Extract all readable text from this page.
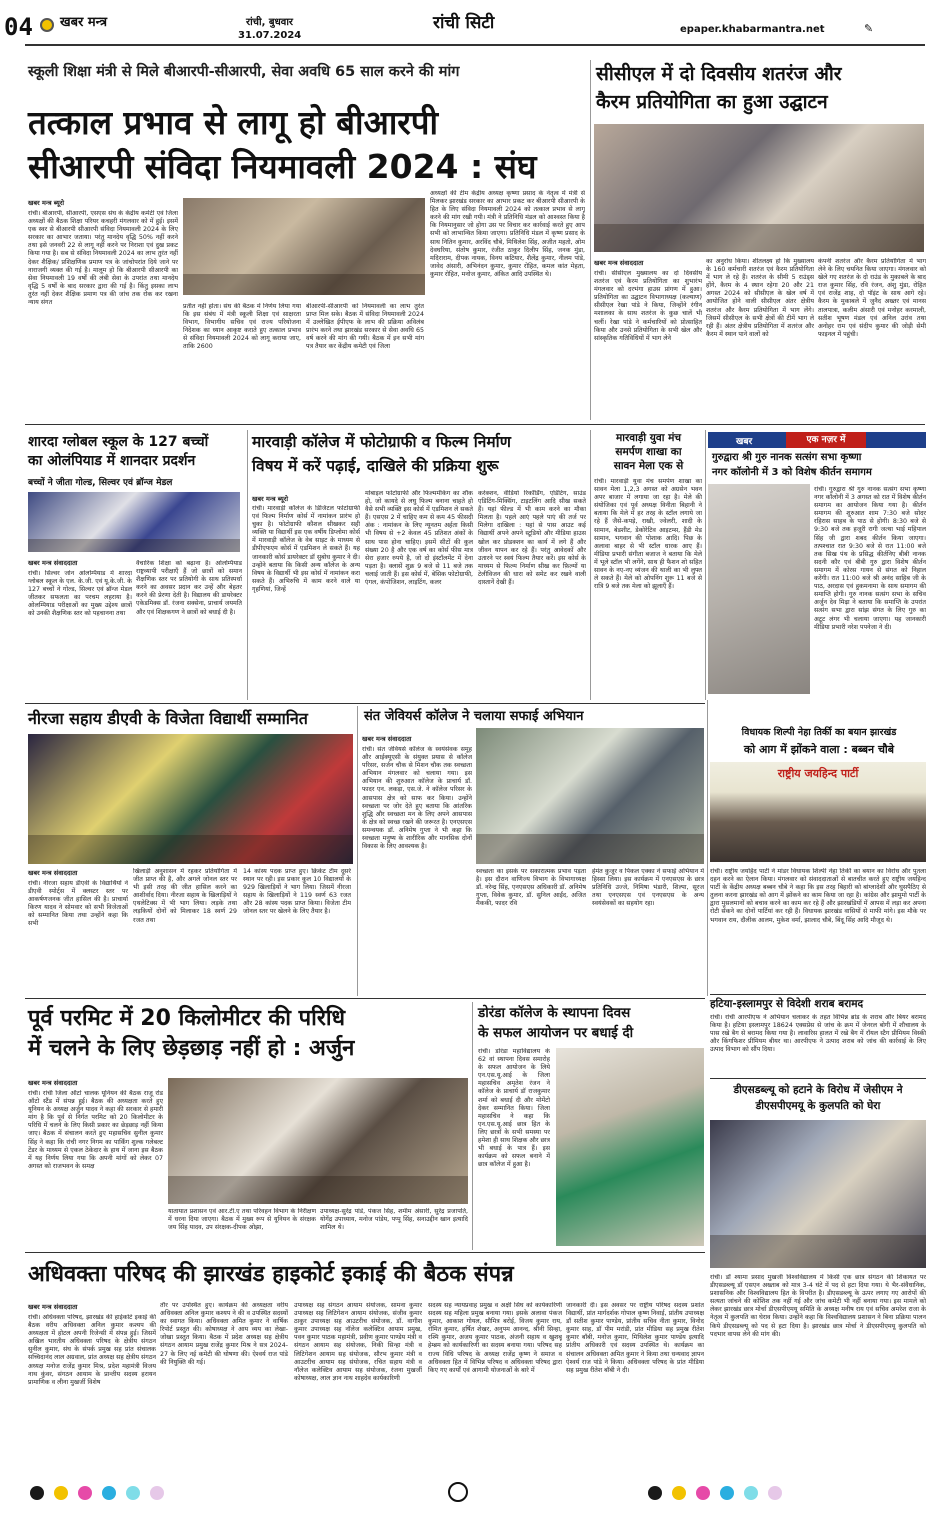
04 खबर मन्त्र	रांची, बुधवार
31.07.2024
रांची सिटी	epaper.khabarmantra.net	✎
स्कूली शिक्षा मंत्री से मिले बीआरपी-सीआरपी, सेवा अवधि 65 साल करने की मांग
तत्काल प्रभाव से लागू हो बीआरपी
सीआरपी संविदा नियमावली 2024 : संघ
खबर मन्त्र ब्यूरो
रांची। बीआरपी, सीआरपी, एसएस संघ के केंद्रीय कमेटी एवं जिला अध्यक्षों की बैठक शिक्षा परियर कचहरी मंगलवार को में हुई। इसमें एक स्वर से बीआरपी सीआरपी संविदा नियमावली 2024 के लिए सरकार का आभार जताया। परंतु मानदेय वृद्धि 50% नहीं करने तथा इसे जनवरी 22 से लागू नहीं करने पर निराशा एवं दुख प्रकट किया गया है। सब से संविदा नियमावली 2024 का लाभ तुरंत नहीं देकर शैक्षिक/ प्रशिक्षणिक प्रमाण पत्र के जांचोपरांत दिये जाने पर नाराजगी व्यक्त की गई है। मालूम हो कि बीआरपी सीआरपी का सेवा नियमावली 19 वर्षों की लंबी सेवा के उपरांत तथा मानदेय वृद्धि 5 वर्षों के बाद सरकार द्वारा की गई है। किंतु इसका लाभ तुरंत नहीं देकर शैक्षिक प्रमाण पत्र की जांच तक रोक कर रखना न्याय संगत
प्रतीत नहीं होता। संघ की बैठक में निर्णय लिया गया कि इस संबंध में मंत्री स्कूली शिक्षा एवं साक्षरता विभाग, विभागीय सचिव एवं राज्य परियोजना निदेशक का ध्यान आकृष्ट कराते हुए तत्काल प्रभाव से संविदा नियमावली 2024 को लागू कराया जाए, ताकि 2600
बीआरपी-सीआरपी को नियमावली का लाभ तुरंत प्राप्त मिल सके। बैठक में संविदा नियमावली 2024 में उल्लेखित ईपीएफ के लाभ की प्रक्रिया अविलंब प्रारंभ करने तथा झारखंड सरकार से सेवा अवधि 65 वर्ष करने की मांग की गयी। बैठक में इन सभी मांग पत्र तैयार कर केंद्रीय कमेटी एवं जिला
अध्यक्षों की टीम केंद्रीय अध्यक्ष कृष्णा प्रसाद के नेतृत्व में मंत्री से मिलकर झारखंड सरकार का आभार प्रकट कर बीआरपी सीआरपी के हित के लिए संविदा नियमावली 2024 को तत्काल प्रभाव से लागू करने की मांग रखी गयी। मंत्री ने प्रतिनिधि मंडल को आश्वस्त किया है कि नियमानुसार जो होगा उस पर विचार कर कार्रवाई करते हुए आप सभी को लाभान्वित किया जाएगा। प्रतिनिधि मंडल में कृष्ण प्रसाद के साथ नितिन कुमार, अरविंद चौबे, मिथिलेश सिंह, अजीत महतो, ओम देवघरिया, संतोष कुमार, रंजीत ठाकुर दिलीप सिंह, जनक मुंडा, मदिराराम, दीपक नायक, विनय कटियार, शैलेंद्र कुमार, नीलम पांडे, जावेद अंसारी, अभिनंदन कुमार, कुमार रोहित, कमल कांत मेहता, कुमार रोहित, मनोज कुमार, अंकित आदि उपस्थित थे।
सीसीएल में दो दिवसीय शतरंज और
कैरम प्रतियोगिता का हुआ उद्घाटन
खबर मन्त्र संवाददाता
रांची। सीसीएल मुख्यालय का दो दिवसीय शतरंज एवं कैरम प्रतियोगिता का शुभारंभ मंगलवार को दरभंगा हाउस प्रांगण में हुआ। प्रतियोगिता का उद्घाटन विभागाध्यक्ष (कल्याण) सीसीएल रेखा पांडे ने किया, जिन्होंने रंगीन मशालका के साथ शतरंज के कुछ चालें भी चलीं। रेखा पांडे ने कर्मचारियों को प्रोत्साहित किया और उनसे प्रतियोगिता के सभी खेल और सांस्कृतिक गतिविधियों में भाग लेने
का अनुरोध किया। शीतलक्ष्य हो कि मुख्यालय के 160 कर्मचारी शतरंज एवं कैरम प्रतियोगिता में भाग ले रहे हैं। शतरंज के सीमी 5 राउंड्स होंगे, कैरम के 4 स्थान रहेगा 20 और 21 अगस्त 2024 को सीसीएल के खेल वर्ष में आयोजित होने वाली सीसीएल अंतर क्षेत्रीय शतरंज और कैरम प्रतियोगिता में भाग लेंगे। जिसमें सीसीएल के सभी क्षेत्रों की टीमें भाग ले रही हैं। अंतर क्षेत्रीय प्रतियोगिता में शतरंज और कैरम में स्थान पाने वालों को
कंपनी शतरंज और कैरम प्रतियोगिता में भाग लेने के लिए चयनित किया जाएगा। मंगलवार को खेले गए शतरंज के दो राउंड के मुकाबले के बाद राज कुमार सिंह, रवि रंजन, अंशु मुंडा, रोहित एवं राजेंद्र शाह, दो पॉइंट के साथ आगे रहे। कैरम के मुकाबले में जुनैद अख्तर एवं मानस तालपात्रा, कलीम अंसारी एवं मनोहर करमाली, सतीश भूषण मंडल एवं अनिल उरांव तथा अनोहर राम एवं संदीप कुमार की जोड़ी सेमी फाइनल में पहुंची।
शारदा ग्लोबल स्कूल के 127 बच्चों
का ओलंपियाड में शानदार प्रदर्शन
बच्चों ने जीता गोल्ड, सिल्वर एवं ब्रॉन्ज मेडल
खबर मन्त्र संवाददाता
रांची। सिल्वर जोन ओलम्पियाड में शारदा ग्लोबल स्कूल के एल. के.जी. एवं यू.के.जी. के 127 बच्चों ने गोल्ड, सिल्वर एवं ब्रॉन्ज मेडल जीतकर सफलता का परचम लहराया है। ओलम्पियाड परीक्षाओं का मुख्य उद्देश्य छात्रों को उनकी शैक्षणिक स्तर को पहचानना तथा
वैचारिक शिक्षा को बढ़ाना है। ओलम्पियाड राष्ट्रव्यापी परीक्षाएँ हैं जो छात्रों को समान शैक्षणिक स्तर पर प्रतियोगी के साथ प्रतिस्पर्धा करने का अवसर प्रदान कर उन्हें और बेहतर करने की प्रेरणा देती है। विद्यालय की डायरेक्टर एकेडमिक्स डॉ. रंजना सक्सेना, प्राचार्य जयमति और एवं शिक्षकगण ने छात्रों को बधाई दी है।
मारवाड़ी कॉलेज में फोटोग्राफी व फिल्म निर्माण
विषय में करें पढ़ाई, दाखिले की प्रक्रिया शुरू
खबर मन्त्र ब्यूरो
रांची। मारवाड़ी कॉलेज के डिजिटल फोटोग्राफी एवं फिल्म निर्माण कोर्स में नामांकन प्रारंभ हो चुका है। फोटोग्राफी कौशल सीखकर सही व्यक्ति या विद्यार्थी इस एक वर्षीय डिप्लोमा कोर्स में मारवाड़ी कॉलेज के वेब साइट के माध्यम से डीपीएफएम कोर्स में एडमिशन ले सकते हैं। यह जानकारी कोर्स डायरेक्टर डॉ सुबोध कुमार ने दी। उन्होंने बताया कि किसी अन्य कॉलेज के अन्य विषय के विद्यार्थी भी इस कोर्स में नामांकन करा सकते हैं। अभिरुचि में काम करने वाले या गृहणियां, जिन्हें
मोबाइल फोटोग्राफी और फिल्ममेकिंग का शौक हो, जो कायदे से लघु फिल्म बनाना चाहते हो वैसे सभी व्यक्ति इस कोर्स में एडमिशन ले सकते हैं। एसएस 2 में चाहिए कम से कम 45 फीसदी अंक : नामांकन के लिए न्यूनतम अर्हता किसी भी विषय से +2 केवल 45 प्रतिशत अंकों के साथ पास होना चाहिए। इसमें सीटों की कुल संख्या 20 है और एक वर्ष का कोर्स फीस मात्र सेरा हजार रुपये है, जो दो इंस्टॉलमेंट में देना पड़ता है। क्लासें शुक्र 9 बजे से 11 बजे तक चलाई जाती हैं। इस कोर्स में, बेसिक फोटोग्राफी, एंगल, कंपोजिशन, लाइटिंग, कलर
करेक्शन, वीडियो रिकॉर्डिंग, एडिटिंग, साउंड एडिटिंग-मिक्सिंग, टाइटलिंग आदि सीख सकते हैं। यहां फील्ड में भी काम करने का मौका मिलता है। पहले आएं पहले पाएं की तर्ज पर मिलेगा दाखिला : यहां से पास आउट कई विद्यार्थी अपने अपने स्टूडियो और मीडिया हाउस खोल कर प्रोडक्शन का कार्य में लगे हैं और जीवन यापन कर रहे हैं। परंतु आवेदकों और उतारने पर स्वयं फिल्म तैयार करें। इस कोर्स के माध्यम से फिल्म निर्माण सीख कर फ़िल्मों या टेलीविजन की धारा को समेट कर रखने वाली दास्तानें देखी हैं।
मारवाड़ी युवा मंच
समर्पण शाखा का
सावन मेला एक से
रांची। मारवाड़ी युवा मंच समर्पण शाखा का सावन मेला 1,2,3 अगस्त को अग्रसेन भवन अपर बाजार में लगाया जा रहा है। मेले की संयोजिका एवं पूर्व अध्यक्ष विनीता बिहानी ने बताया कि मेले में हर तरह के स्टॉल लगाये जा रहे हैं जैसे-कपड़े, राखी, ज्वेलरी, शादी के सामान, बेडशीट, डेकोरेटिव आइटम्स, हैंडी मेड सामान, भगवान की पोशाक आदि। पिछ के अलावा बाहर से भी स्टॉल धारक आए हैं। मीडिया प्रभारी संगीता बजाज ने बताया कि मेले में भूले स्टॉल भी लगेंगे, साथ ही फैशन शो सहित सावन के नए-नए व्यंजन की थाली का भी लुफ्त ले सकते हैं। मेले को ओपनिंग शुरू 11 बजे से रात्रि 9 बजे तक मेला को झूलाएँ हैं।
खबर	एक नज़र में
गुरुद्वारा श्री गुरु नानक सत्संग सभा कृष्णा
नगर कॉलोनी में 3 को विशेष कीर्तन समागम
रांची। गुरुद्वारा श्री गुरु नानक सत्संग सभा कृष्णा नगर कॉलोनी में 3 अगस्त को रात में विशेष कीर्तन समागम का आयोजन किया गया है। कीर्तन समागम की शुरुआत शाम 7:30 बजे सोदर रहिरास साहब के पाठ से होगी। 8:30 बजे से 9:30 बजे तक हजूरी रागी जत्था भाई महिपाल सिंह जी द्वारा शबद कीर्तन किया जाएगा। तत्पश्चात रात 9:30 बजे से रात 11:00 बजे तक सिख पंथ के प्रसिद्ध कीर्तनिए बीबी नानक सदनी कौर एवं बीबी गुरु द्वारा विशेष कीर्तन समागम में कोरस गायन से संगत को निहाल करेंगी। रात 11:00 बजे श्री अनंद साहिब जी के पाठ, अरदास एवं हुकमनामा के साथ समागम की समाप्ति होगी। गुरु नानक सत्संग सभा के सचिव अर्जुन देव मिढ़ा ने बताया कि समाप्ति के उपरांत सत्संग सभा द्वारा सांझ संगत के लिए गुरु का अटूट लंगर भी चलाया जाएगा। यह जानकारी मीडिया प्रभारी नरेश पपनेजा ने दी।
नीरजा सहाय डीएवी के विजेता विद्यार्थी सम्मानित
खबर मन्त्र संवाददाता
रांची। नीरजा सहाय डीएवी के विद्यार्थियों ने डीएवी स्पोर्ट्स में क्लस्टर स्तर पर आकर्षणजनक जीत हासिल की है। प्राचार्या किरण यादव ने सोमवार को सभी विजेताओं को सम्मानित किया तथा उन्होंने कहा कि सभी
खिलाड़ी अनुशासन में रहकर प्रतियोगिता में जीत प्राप्त की है, और अगले जोनल स्तर पर भी इसी तरह की जीत हासिल करने का आशीर्वाद दिया। नीरजा सहाय के खिलाड़ियों ने एथलेटिक्स में भी भाग लिया। लड़के तथा लड़कियों दोनों को मिलाकर 18 स्वर्ण 29 रजत तथा
14 कांस्य पदक प्राप्त हुए। क्रिकेट टीम दूसरे स्थान पर रही। इस प्रकार कुल 10 विद्यालयों के 929 खिलाड़ियों ने भाग लिया। जिसमें नीरजा सहाय के खिलाड़ियों ने 119 स्वर्ण 63 रजत और 28 कांस्य पदक प्राप्त किया। विजेता टीम जोनल स्तर पर खेलने के लिए तैयार है।
संत जेवियर्स कॉलेज ने चलाया सफाई अभियान
खबर मन्त्र संवाददाता
रांची। संत जेवियर्स कॉलेज के स्वयंसेवक समूह और आईक्यूएसी के संयुक्त प्रयास से कॉलेज परिसर, सर्जन चौक से मिशन चौक तक स्वच्छता अभियान मंगलवार को चलाया गया। इस अभियान की शुरुआत कॉलेज के प्राचार्य डॉ. फादर एन. लकड़ा, एस.जे. ने कॉलेज परिसर के आसपास क्षेत्र को साफ कर किया। उन्होंने स्वच्छता पर जोर देते हुए बताया कि आंतरिक शुद्धि और स्वच्छता मन के लिए अपने आसपास के क्षेत्र को स्वच्छ रखने की जरूरत है। एनएसएस समन्वयक डॉ. अनिमेष गुप्ता ने भी कहा कि स्वच्छता मनुष्य के शारीरिक और मानसिक दोनों विकास के लिए आवश्यक है।
स्वच्छता का इसके पर सकारात्मक प्रभाव पड़ता है। इस दौरान वाणिज्य विभाग के विभागाध्यक्ष डॉ. नरेन्द्र सिंह, एनएसएस अधिकारी डॉ. अनिमेष गुप्ता, विवेक कुमार, डॉ. सुनिल आईंद, अजित मैककी, फादर रवि
हेमंत कुजूर व पिंकल एक्का ने सफाई अभियान में हिस्सा लिया। इस कार्यक्रम में एनएसएस के छात्र प्रतिनिधि उज्जे, निमिषा भंडारी, शिल्पा, सूरज तथा एनएसएस एवं एनएसएस के अन्य स्वयंसेवकों का सहयोग रहा।
विधायक शिल्पी नेहा तिर्की का बयान झारखंड
को आग में झोंकने वाला : बब्बन चौबे
राष्ट्रीय जयहिन्द पार्टी
रांची। राष्ट्रीय जयहिंद पार्टी ने मांडर विधायक शिल्पी नेहा तिर्की का बयान का विरोध और पुतला दहन करने का ऐलान किया। मंगलवार को संवाददाताओं से बातचीत करते हुए राष्ट्रीय जयहिन्द पार्टी के केंद्रीय अध्यक्ष बब्बन चौबे ने कहा कि इस तरह बिहारी को बांग्लादेशी और घुसपैठिए से तुलना करना झारखंड को आग में झोंकने का काम किया जा रहा है। कांग्रेस और झामुमो पार्टी के द्वारा मुसलमानों को बचाव करने का काम कर रहे हैं और झारखंडियों में आपस में लड़ा कर अपना रोटी सेंकने का दोनों पार्टियां कर रही हैं। विधायक झारखंड वासियों से माफी मांगे। इस मौके पर भगवान राय, दौलीक आलम, मुकेश वर्मा, झालाद चौबे, बिंदू सिंह आदि मौजूद थे।
हटिया-इस्लामपुर से विदेशी शराब बरामद
रांची। रांची आरपीएफ ने अभियान चलाकर के तहत विभिन्न ब्रांड के शराब और बियर बरामद किया है। हटिया इस्लामपुर 18624 एक्सप्रेस से जांच के क्रम में जेनरल बोगी में शौचालय के पास रखे बैग से बरामद किया गया है। लावारिस हालत में रखे बैग में रॉयल स्टैग प्रीमियम विस्की और किंगफिशर प्रीमियम बीयर था। आरपीएफ ने उत्पाद शराब को जांच की कार्रवाई के लिए उत्पाद विभाग को सौंप दिया।
पूर्व परमिट में 20 किलोमीटर की परिधि
में चलने के लिए छेड़छाड़ नहीं हो : अर्जुन
खबर मन्त्र संवाददाता
रांची। रांची जिला ऑटो चालक यूनियन की बैठक राजू रोड ऑटो स्टैंड में संपन्न हुई। बैठक की अध्यक्षता करते हुए यूनियन के अध्यक्ष अर्जुन यादव ने कहा की सरकार से हमारी मांग है कि पूर्व से निर्गत परमिट को 20 किलोमीटर के परिधि में चलने के लिए किसी प्रकार का छेड़छाड़ नहीं किया जाए। बैठक में संचालन करते हुए महासचिव सुनील कुमार सिंह ने कहा कि रांची नगर निगम का पार्किंग शुल्क गलेबल्ट टेंडर के माध्यम से एकल ठेकेदार के हाथ में जाना इस बैठक में यह निर्णय लिया गया कि अपनी मांगों को लेकर 07 अगस्त को राजभवन के समक्ष
यातायात प्रशासन एवं आर.टी.ए तथा परिवहन विभाग के निरीक्षण में धरना दिया जाएगा। बैठक में मुख्य रूप से यूनियन के संरक्षक जय सिंह यादव, उप संरक्षक-दीपक ओझा,
उपाध्यक्ष-सुरेंद्र पांडे, पंकज सिंह, शमीम अंसारी, सुरेंद्र प्रजापति, योगेंद्र उपाध्याय, मनोज पांडेय, पप्पू सिंह, सनाउद्दीन खान इत्यादि शामिल थे।
डोरंडा कॉलेज के स्थापना दिवस
के सफल आयोजन पर बधाई दी
रांची। डोरंडा महाविद्यालय के 62 वां स्थापना दिवस समारोह के सफल आयोजन के लिये एन.एस.यू.आई के जिला महासचिव अमृतेश रंजन ने कॉलेज के प्राचार्य डॉ राजकुमार शर्मा को बधाई दी और मोमेंटो देकर सम्मानित किया। जिला महासचिव ने कहा कि एन.एस.यू.आई छात्र हित के लिए छात्रों के सभी समस्या पर हमेशा ही साथ शिक्षक और छात्र भी बधाई के पात्र हैं। इस कार्यक्रम को सफल बनाने में छात्र कॉलेज में हुआ है।
डीएसडब्ल्यू को हटाने के विरोध में जेसीएम ने
डीएसपीएमयू के कुलपति को घेरा
रांची। डॉ श्यामा प्रसाद मुखर्जी विश्वविद्यालय में किसी एक छात्र संगठन की शिकायत पर डीएसडब्ल्यू डॉ एसएन अख्ताब को मात्र 3-4 घंटे में पद से हटा दिया गया। ये भैर-संवैधानिक, प्रशासनिक और विश्वविद्यालय हित के विपरीत है। डीएसडब्ल्यू के ऊपर लगाए गए आरोपों की सत्यता जांचने की कोशिश तक नहीं गई और जांच कमेटी भी नहीं बनाया गया। इस मामले को लेकर झारखंड छात्र मोर्चा डीएसपीएमयू समिति के अध्यक्ष मनीष राय एवं सचिव अमरेश राजा के नेतृत्व में कुलपति का घेराव किया। उन्होंने कहा कि विश्वविद्यालय प्रशासन ने बिना प्रक्रिया पालन किये डीएसडब्ल्यू को पद से हटा दिया है। झारखंड छात्र मोर्चा ने डीएसपीएमयू कुलपति को पदभार वापस लेने की मांग की।
अधिवक्ता परिषद की झारखंड हाइकोर्ट इकाई की बैठक संपन्न
खबर मन्त्र संवाददाता
रांची। अधिवक्ता परिषद, झारखंड की हाईकोर्ट इकाई की बैठक वरीय अधिवक्ता अनिल कुमार कश्यप की अध्यक्षता में होटल अपनी रिजेन्सी में संपन्न हुई। जिसमें अखिल भारतीय अधिवक्ता परिषद के क्षेत्रीय संगठन सुनील कुमार, संघ के संपर्क प्रमुख सह प्रांत संचालक सच्चिदानंद लाल अग्रवाल, प्रांत अध्यक्ष सह क्षेत्रीय संगठन अध्यक्ष मनोज राजेंद्र कुमार मिश्र, प्रदेश महामंत्री विजय नाथ कुंवर, संगठन आयाम के प्रान्तीय सदस्य हरायन प्रामाणिक व लीना मुखर्जी विशेष
तौर पर उपस्थित हुए। कार्यक्रम की अध्यक्षता वरीय अधिवक्ता अनिल कुमार कश्यप ने की व उपस्थित सदस्यों का स्वागत किया। अधिवक्ता अमित कुमार ने वार्षिक रिपोर्ट प्रस्तुत की। कोषाध्यक्ष ने आय व्यय का लेखा-जोखा प्रस्तुत किया। बैठक में प्रदेश अध्यक्ष सह क्षेत्रीय संगठन आयाम प्रमुख राजेंद्र कुमार मिश्र ने सत्र 2024-27 के लिए नई कमेटी की घोषणा की। ऐश्वर्य राज पांडे की नियुक्ति की गई।
उपाध्यक्ष सह संगठन आयाम संयोजक, सामना कुमार उपाध्यक्ष सह लिटिगेशन आयाम संयोजक, संजीव कुमार ठाकुर उपाध्यक्ष सह आउटरीच संयोजक, डॉ. वागीश कुमार उपाध्यक्ष सह नॉलेज कलेक्टिव आयाम प्रमुख, पवन कुमार पाठक महामंत्री, प्रवीण कुमार पाण्डेय मंत्री व संगठन आयाम सह संयोजक, निकी सिन्हा मंत्री व लिटिगेशन आयाम सह संयोजक, सौरभ कुमार मंत्री व आउटरीच आयाम सह संयोजक, रचित सहाय मंत्री व नॉलेज कलेक्टिव आयाम सह संयोजक, रंजना मुखर्जी कोषाध्यक्ष, लाल ज्ञान नाथ शाहदेव कार्यकारिणी
सदस्य सह न्यायप्रवाह प्रमुख व अक्षी सिंघ को कार्यकारिणी सदस्य सह महिला प्रमुख बनाया गया। इसके अलावा पंकज कुमार, आकाश गोयल, सौमित्र बरोई, विजय कुमार राय, रोमित कुमार, हर्षित शेखर, अनुपम आनन्द, श्रीनी सिन्हा, रश्मि कुमार, अजय कुमार पाठक, अंजनी सहाय व खुशबू हेम्ब्रम को कार्यकारिणी का सदस्य बनाया गया। परिषद सह राज्य विधि परिषद के अध्यक्ष राजेंद्र कृष्ण ने समाज व अधिवक्ता हित में विभिन्न परिषद व अधिवक्ता परिषद द्वारा किए गए कार्यों एवं आगामी योजनाओं के बारे में
जानकारी दी। इस अवसर पर राष्ट्रीय परिषद सदस्य प्रशांत विद्यार्थी, प्रांत मार्गदर्शक गोपाल कृष्ण निवाई, प्रांतीय उपाध्यक्ष डॉ सतीश कुमार पाण्डेय, प्रांतीय सचिव नीता कुमार, विनोद कुमार साह, डॉ पीम मरांडी, प्रांत मीडिया सह प्रमुख रीतेश कुमार बॉबी, मनोज कुमार, मिथिलेश कुमार पाण्डेय इत्यादि प्रांतीय अधिकारी एवं सदस्य उपस्थित थे। कार्यक्रम का संचालन अधिवक्ता अमित कुमार ने किया तथा धन्यवाद ज्ञापन ऐश्वर्य राज पांडे ने किया। अधिवक्ता परिषद के प्रांत मीडिया सह प्रमुख रीतेश बॉबी ने दी।
